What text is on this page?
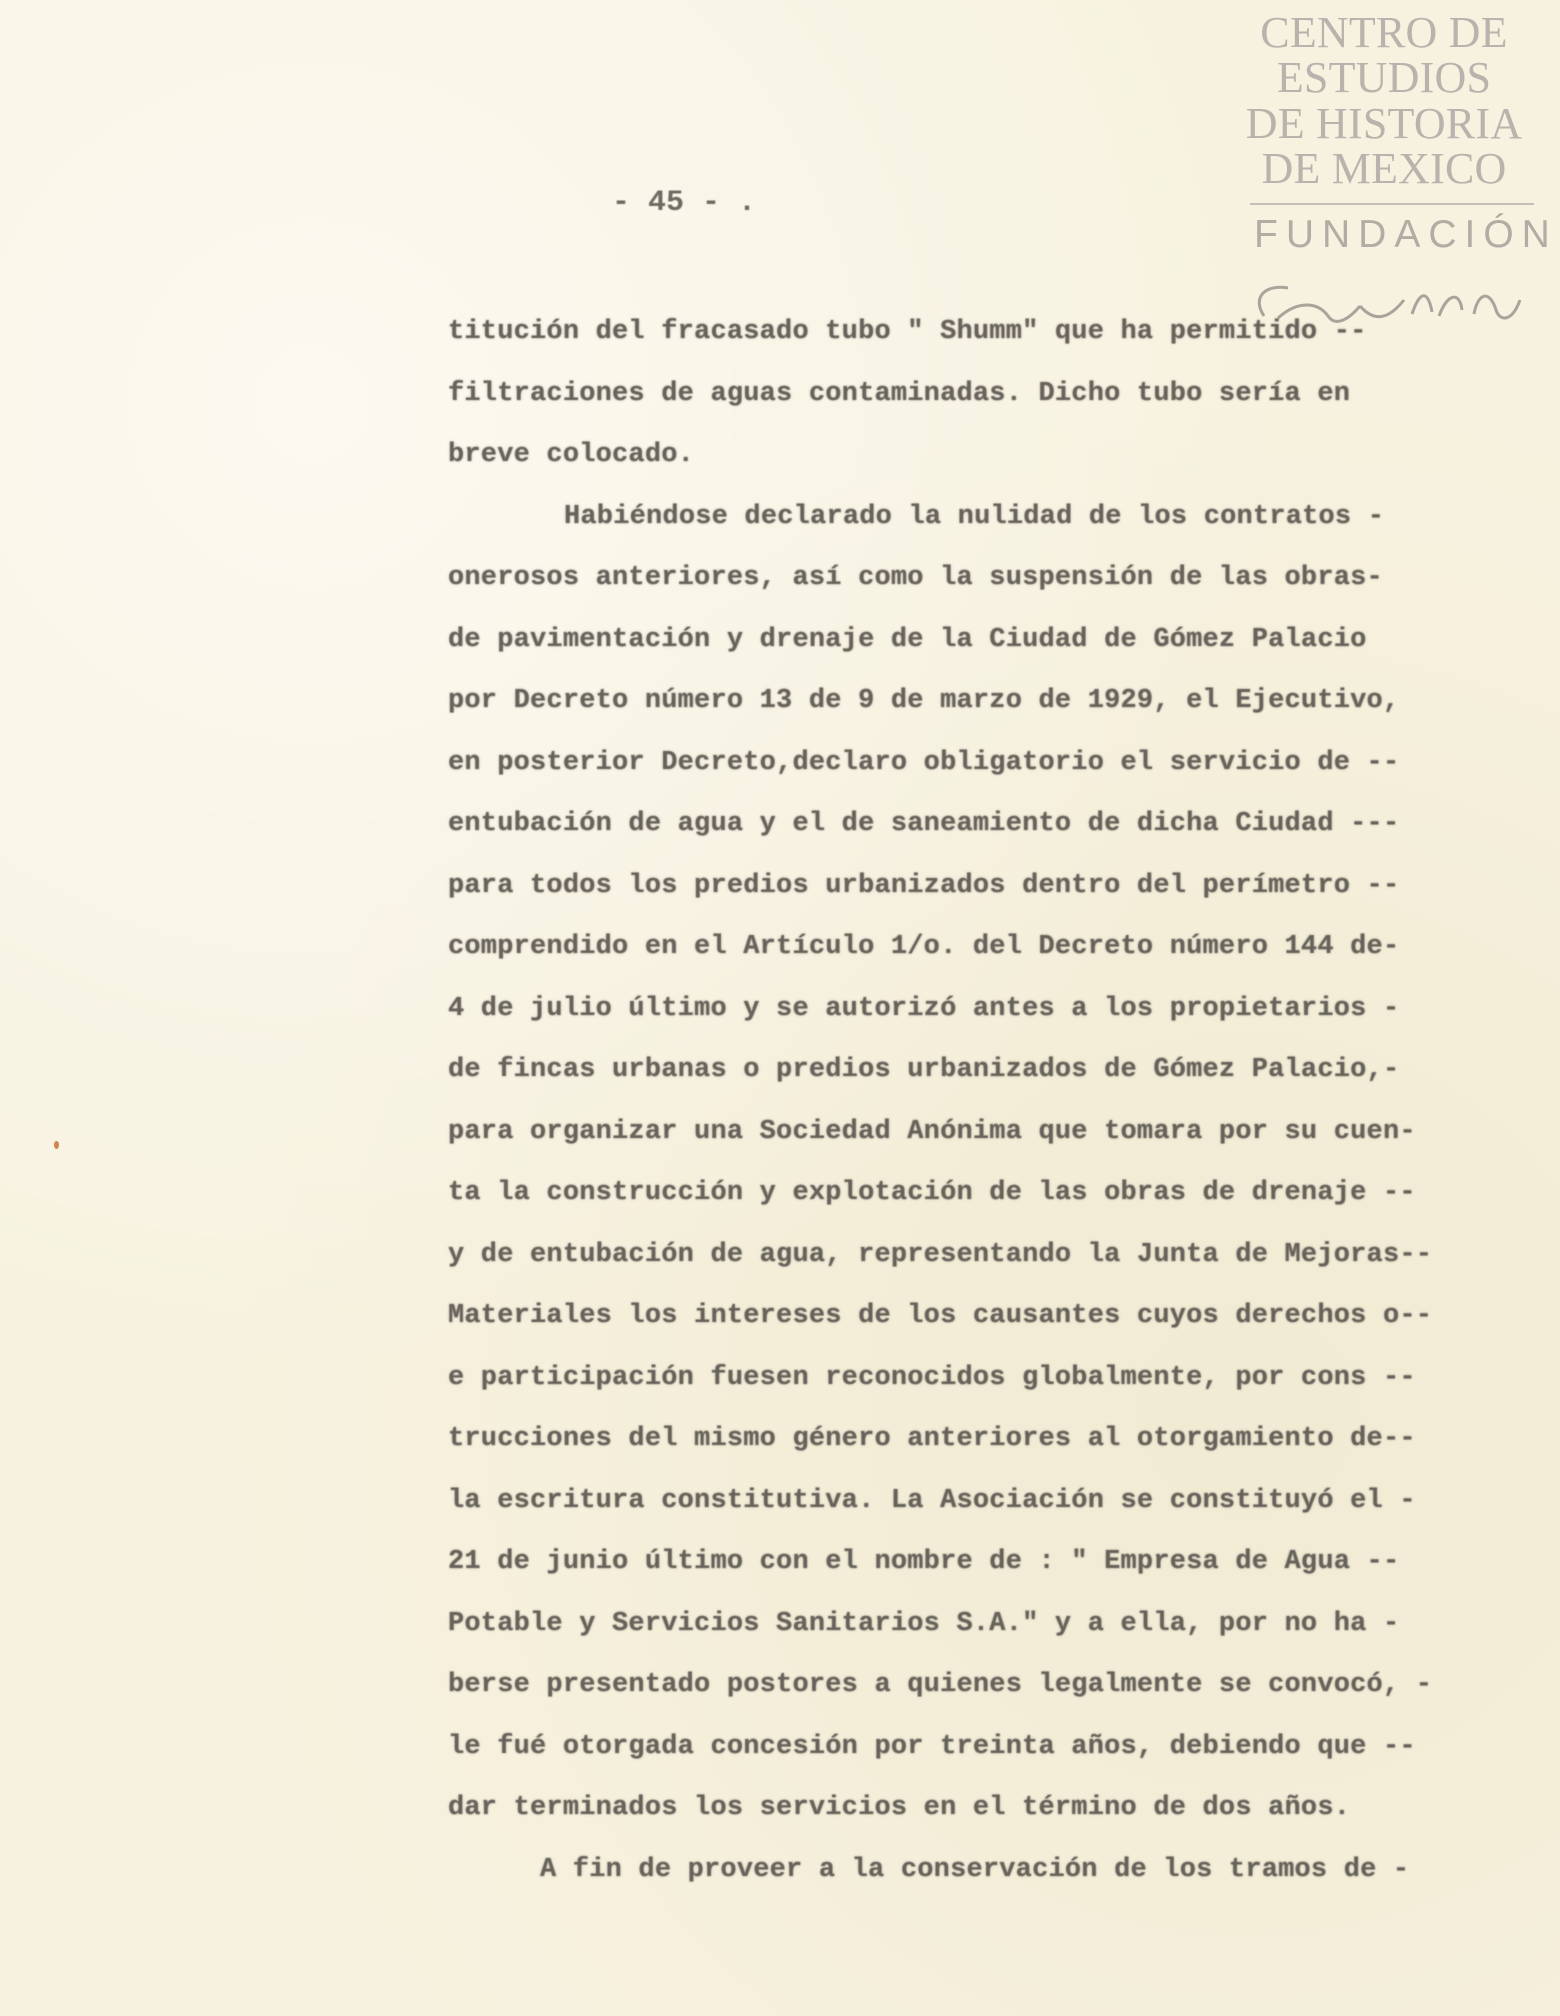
CENTRO DE
ESTUDIOS
DE HISTORIA
DE MEXICO
FUNDACIÓN
- 45 - .
titución del fracasado tubo " Shumm" que ha permitido --
filtraciones de aguas contaminadas. Dicho tubo sería en
breve colocado.
Habiéndose declarado la nulidad de los contratos -
onerosos anteriores, así como la suspensión de las obras-
de pavimentación y drenaje de la Ciudad de Gómez Palacio
por Decreto número 13 de 9 de marzo de 1929, el Ejecutivo,
en posterior Decreto,declaro obligatorio el servicio de --
entubación de agua y el de saneamiento de dicha Ciudad ---
para todos los predios urbanizados dentro del perímetro --
comprendido en el Artículo 1/o. del Decreto número 144 de-
4 de julio último y se autorizó antes a los propietarios -
de fincas urbanas o predios urbanizados de Gómez Palacio,-
para organizar una Sociedad Anónima que tomara por su cuen-
ta la construcción y explotación de las obras de drenaje --
y de entubación de agua, representando la Junta de Mejoras--
Materiales los intereses de los causantes cuyos derechos o--
e participación fuesen reconocidos globalmente, por cons --
trucciones del mismo género anteriores al otorgamiento de--
la escritura constitutiva. La Asociación se constituyó el -
21 de junio último con el nombre de : " Empresa de Agua --
Potable y Servicios Sanitarios S.A." y a ella, por no ha -
berse presentado postores a quienes legalmente se convocó, -
le fué otorgada concesión por treinta años, debiendo que --
dar terminados los servicios en el término de dos años.
A fin de proveer a la conservación de los tramos de -
